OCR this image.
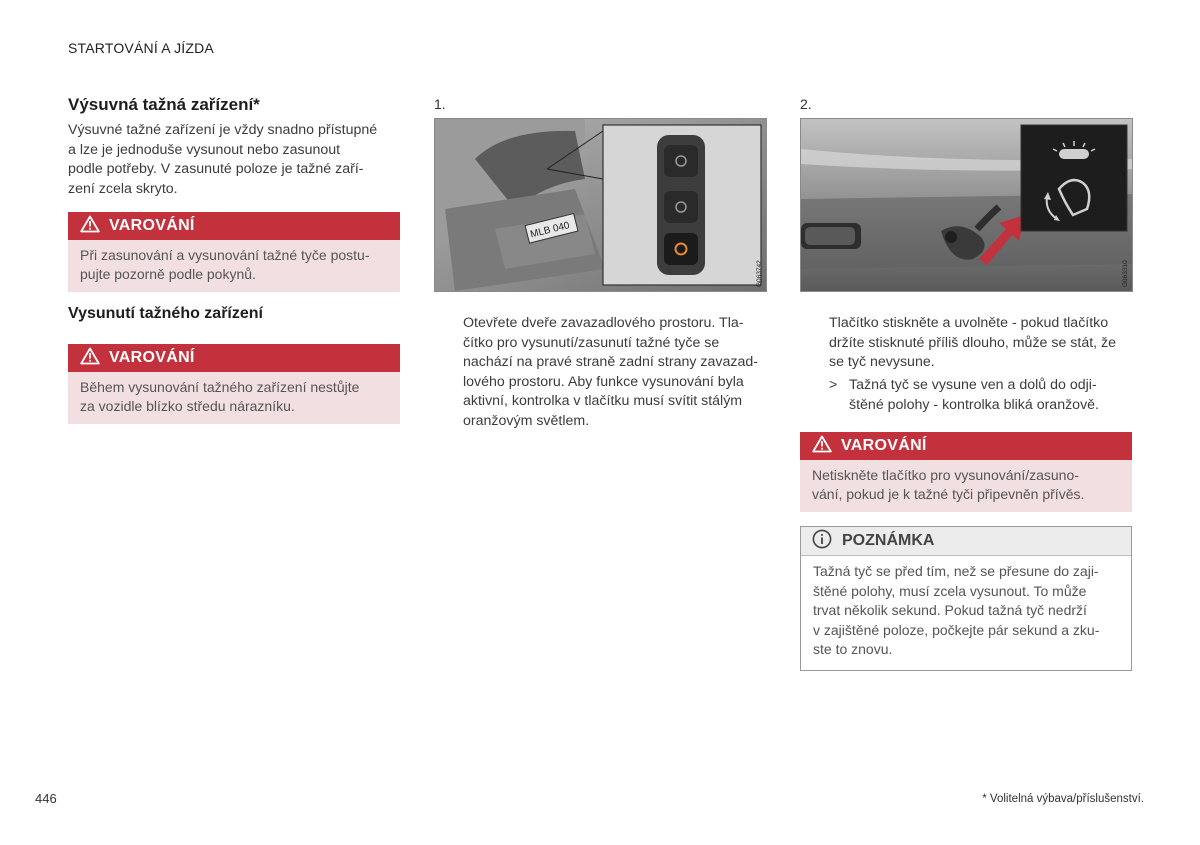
STARTOVÁNÍ A JÍZDA
Výsuvná tažná zařízení*
Výsuvné tažné zařízení je vždy snadno přístupné
a lze je jednoduše vysunout nebo zasunout
podle potřeby. V zasunuté poloze je tažné zaří-
zení zcela skryto.
VAROVÁNÍ
Při zasunování a vysunování tažné tyče postu-
pujte pozorně podle pokynů.
Vysunutí tažného zařízení
VAROVÁNÍ
Během vysunování tažného zařízení nestůjte
za vozidle blízko středu nárazníku.
1.
MLB 040
G063742
Otevřete dveře zavazadlového prostoru. Tla-
čítko pro vysunutí/zasunutí tažné tyče se
nachází na pravé straně zadní strany zavazad-
lového prostoru. Aby funkce vysunování byla
aktivní, kontrolka v tlačítku musí svítit stálým
oranžovým světlem.
2.
G063310
Tlačítko stiskněte a uvolněte - pokud tlačítko
držíte stisknuté příliš dlouho, může se stát, že
se tyč nevysune.
> Tažná tyč se vysune ven a dolů do odji-
štěné polohy - kontrolka bliká oranžově.
VAROVÁNÍ
Netiskněte tlačítko pro vysunování/zasuno-
vání, pokud je k tažné tyči připevněn přívěs.
POZNÁMKA
Tažná tyč se před tím, než se přesune do zaji-
štěné polohy, musí zcela vysunout. To může
trvat několik sekund. Pokud tažná tyč nedrží
v zajištěné poloze, počkejte pár sekund a zku-
ste to znovu.
446	* Volitelná výbava/příslušenství.
